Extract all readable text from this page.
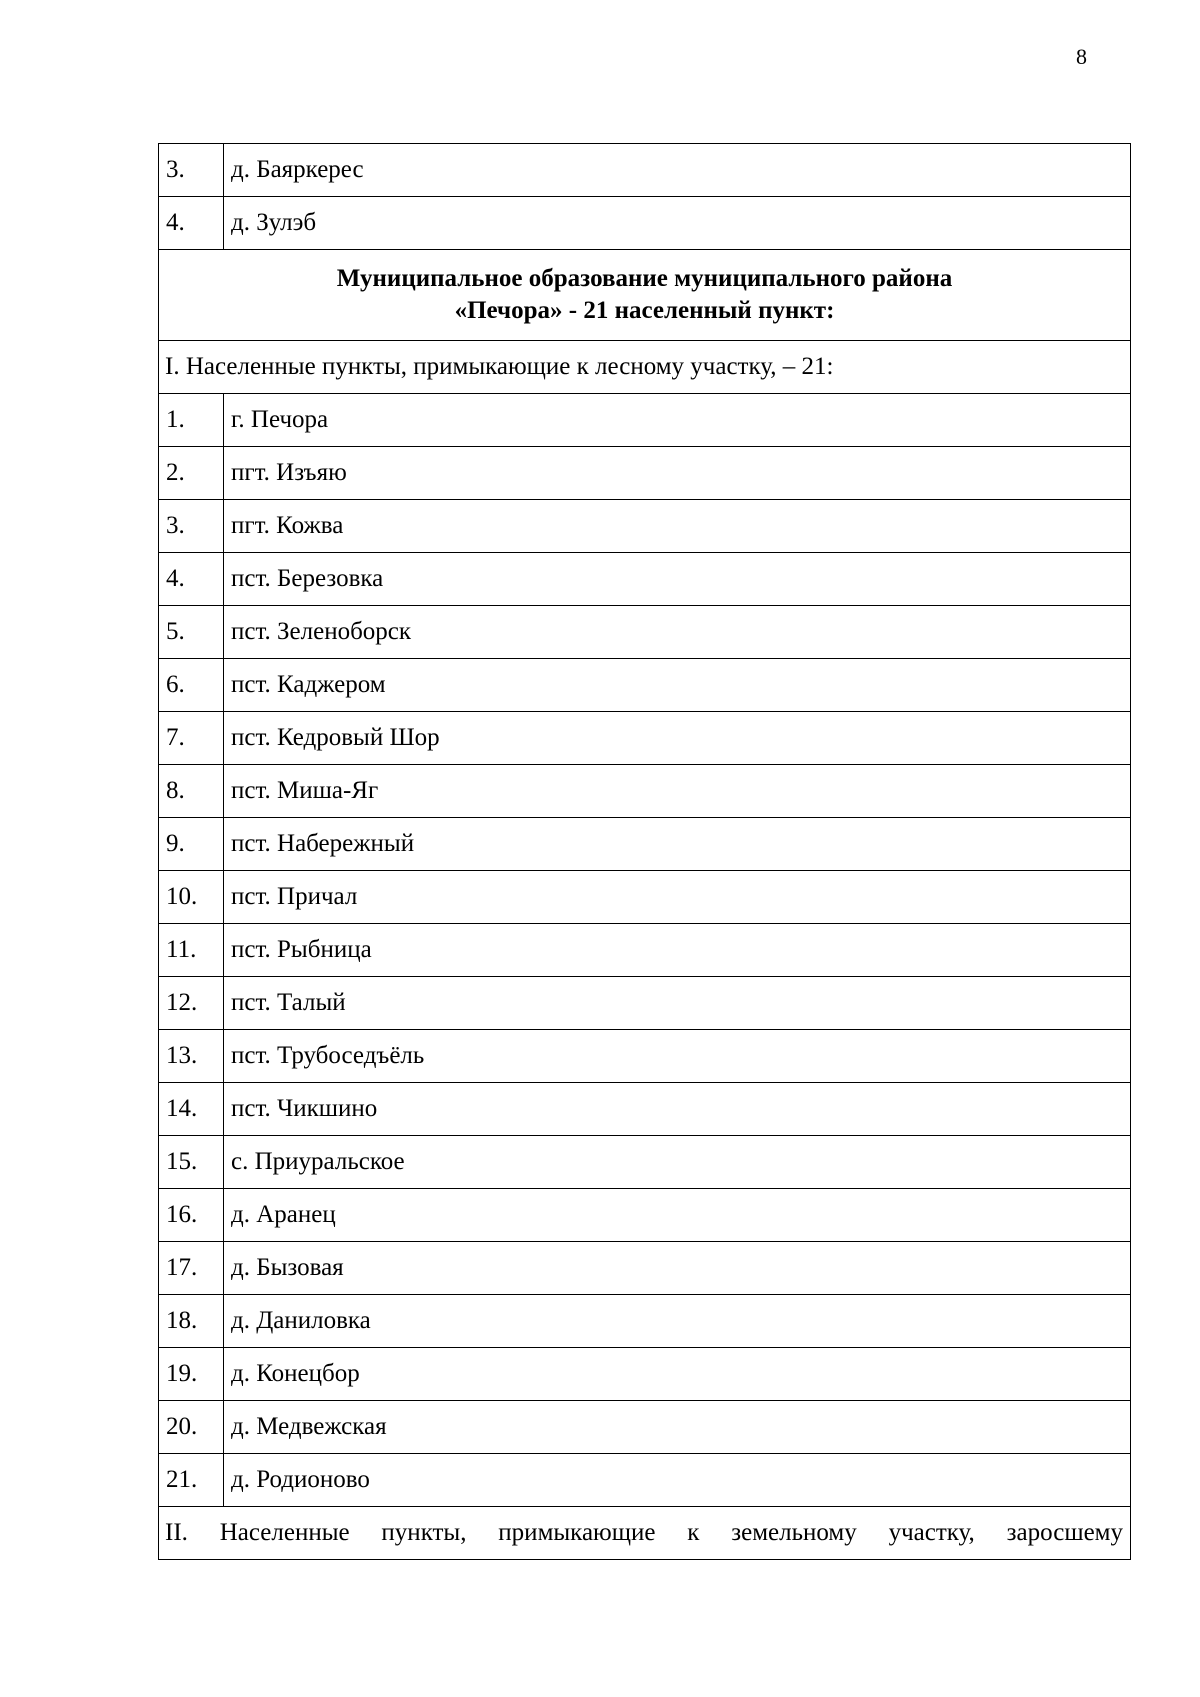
8
3.	д. Баяркерес
4.	д. Зулэб

Муниципальное образование муниципального района
«Печора» - 21 населенный пункт:	

I. Населенные пункты, примыкающие к лесному участку, – 21:	
1.	г. Печора
2.	пгт. Изъяю
3.	пгт. Кожва
4.	пст. Березовка
5.	пст. Зеленоборск
6.	пст. Каджером
7.	пст. Кедровый Шор
8.	пст. Миша-Яг
9.	пст. Набережный
10.	пст. Причал
11.	пст. Рыбница
12.	пст. Талый
13.	пст. Трубоседъёль
14.	пст. Чикшино
15.	с. Приуральское
16.	д. Аранец
17.	д. Бызовая
18.	д. Даниловка
19.	д. Конецбор
20.	д. Медвежская
21.	д. Родионово
II. Населенные пункты, примыкающие к земельному участку, заросшему	
